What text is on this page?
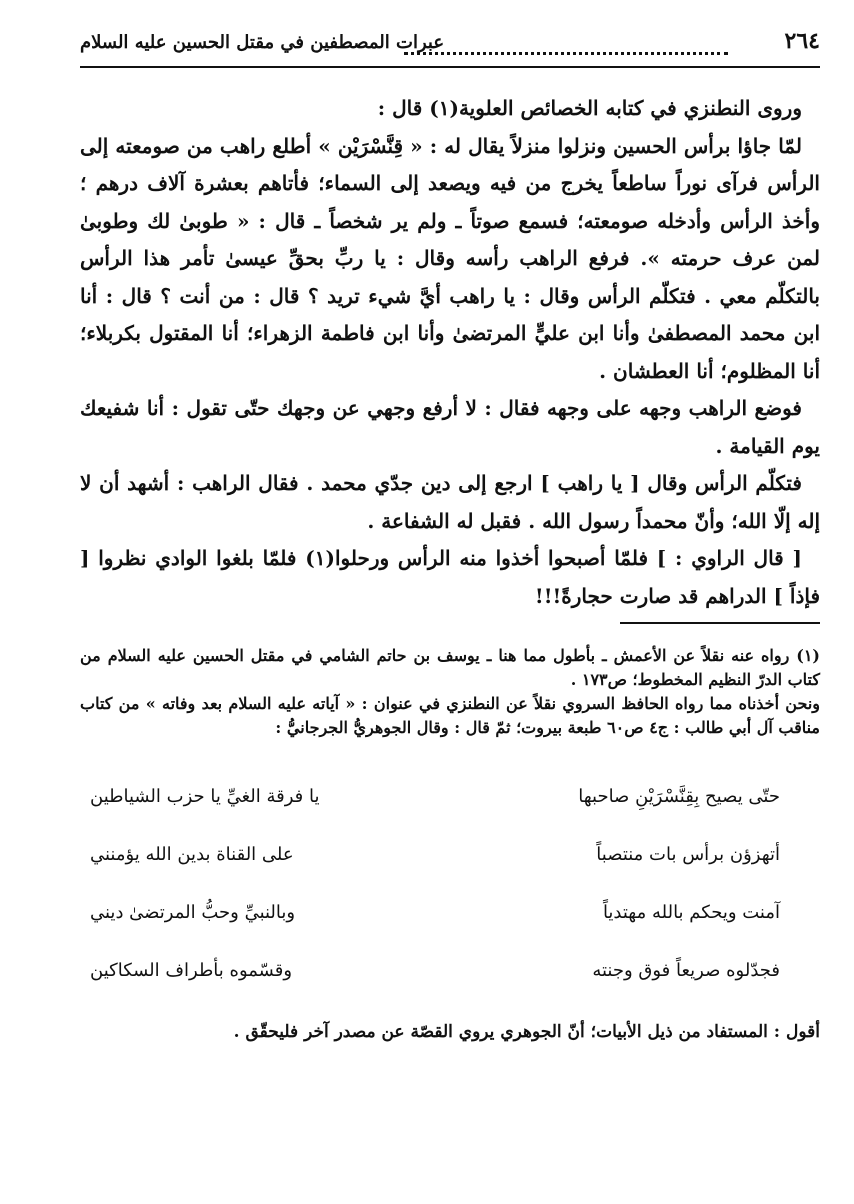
٢٦٤
عبرات المصطفين في مقتل الحسين عليه السلام

وروى النطنزي في كتابه الخصائص العلوية(١) قال :

لمّا جاؤا برأس الحسين ونزلوا منزلاً يقال له : « قِنَّسْرَيْن » أطلع راهب من صومعته إلى الرأس فرآى نوراً ساطعاً يخرج من فيه ويصعد إلى السماء؛ فأتاهم بعشرة آلاف درهم ؛ وأخذ الرأس وأدخله صومعته؛ فسمع صوتاً ـ ولم ير شخصاً ـ قال : « طوبىٰ لك وطوبىٰ لمن عرف حرمته ». فرفع الراهب رأسه وقال : يا ربِّ بحقِّ عيسىٰ تأمر هذا الرأس بالتكلّم معي . فتكلّم الرأس وقال : يا راهب أيَّ شيء تريد ؟ قال : من أنت ؟ قال : أنا ابن محمد المصطفىٰ وأنا ابن عليٍّ المرتضىٰ وأنا ابن فاطمة الزهراء؛ أنا المقتول بكربلاء؛ أنا المظلوم؛ أنا العطشان .

فوضع الراهب وجهه على وجهه فقال : لا أرفع وجهي عن وجهك حتّى تقول : أنا شفيعك يوم القيامة .

فتكلّم الرأس وقال [ يا راهب ] ارجع إلى دين جدّي محمد . فقال الراهب : أشهد أن لا إله إلّا الله؛ وأنّ محمداً رسول الله . فقبل له الشفاعة .

[ قال الراوي : ] فلمّا أصبحوا أخذوا منه الرأس ورحلوا(١) فلمّا بلغوا الوادي نظروا [ فإذاً ] الدراهم قد صارت حجارةً!!!

(١) رواه عنه نقلاً عن الأعمش ـ بأطول مما هنا ـ يوسف بن حاتم الشامي في مقتل الحسين عليه السلام من كتاب الدرّ النظيم المخطوط؛ ص١٧٣ .

ونحن أخذناه مما رواه الحافظ السروي نقلاً عن النطنزي في عنوان : « آياته عليه السلام بعد وفاته » من كتاب مناقب آل أبي طالب : ج٤ ص٦٠ طبعة بيروت؛ ثمّ قال : وقال الجوهريُّ الجرجانيُّ :

يا فرقة الغيِّ يا حزب الشياطين	حتّى يصيح بِقِنَّسْرَيْنِ صاحبها
على القناة بدين الله يؤمنني	أتهزؤن برأس بات منتصباً
وبالنبيِّ وحبُّ المرتضىٰ ديني	آمنت ويحكم بالله مهتدياً
وقسّموه بأطراف السكاكين	فجدّلوه صريعاً فوق وجنته
أقول : المستفاد من ذيل الأبيات؛ أنّ الجوهري يروي القصّة عن مصدر آخر فليحقّق .
